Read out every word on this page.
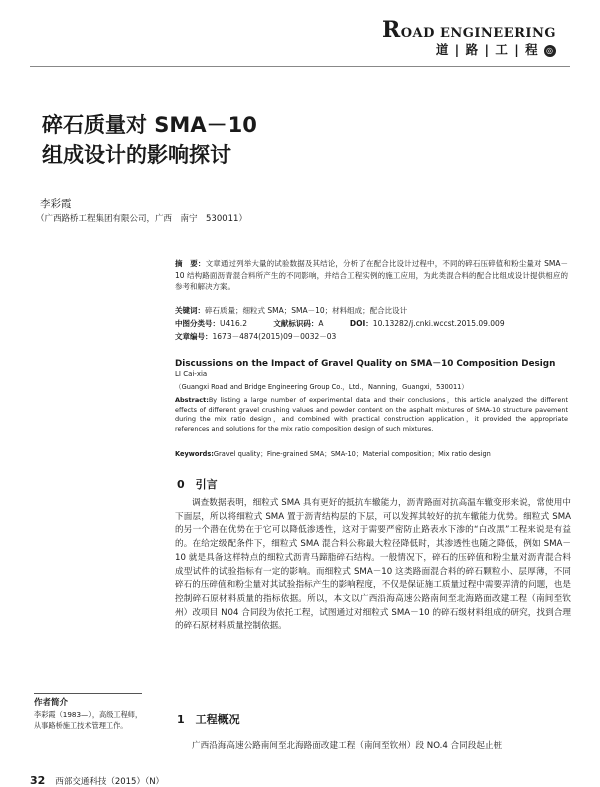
ROAD ENGINEERING
道 | 路 | 工 | 程 ◎
碎石质量对 SMA－10
组成设计的影响探讨
李彩霞
（广西路桥工程集团有限公司，广西　南宁　530011）
摘　要：文章通过列举大量的试验数据及其结论，分析了在配合比设计过程中，不同的碎石压碎值和粉尘量对 SMA－10 结构路面沥青混合料所产生的不同影响，并结合工程实例的施工应用，为此类混合料的配合比组成设计提供相应的参考和解决方案。
关键词：碎石质量；细粒式 SMA；SMA－10；材料组成；配合比设计
中图分类号：U416.2	文献标识码：A	DOI：10.13282/j.cnki.wccst.2015.09.009
文章编号：1673－4874(2015)09－0032－03
Discussions on the Impact of Gravel Quality on SMA－10 Composition Design
LI Cai-xia
（Guangxi Road and Bridge Engineering Group Co.，Ltd.，Nanning，Guangxi，530011）
Abstract:By listing a large number of experimental data and their conclusions，this article analyzed the different effects of different gravel crushing values and powder content on the asphalt mixtures of SMA-10 structure pavement during the mix ratio design，and combined with practical construction application，it provided the appropriate references and solutions for the mix ratio composition design of such mixtures.
Keywords:Gravel quality；Fine-grained SMA；SMA-10；Material composition；Mix ratio design
0　引言
调查数据表明，细粒式 SMA 具有更好的抵抗车辙能力，沥青路面对抗高温车辙变形来说，常使用中下面层，所以将细粒式 SMA 置于沥青结构层的下层，可以发挥其较好的抗车辙能力优势。细粒式 SMA 的另一个潜在优势在于它可以降低渗透性，这对于需要严密防止路表水下渗的“白改黑”工程来说是有益的。在给定级配条件下，细粒式 SMA 混合料公称最大粒径降低时，其渗透性也随之降低，例如 SMA－10 就是具备这样特点的细粒式沥青马蹄脂碎石结构。一般情况下，碎石的压碎值和粉尘量对沥青混合料成型试件的试验指标有一定的影响。而细粒式 SMA－10 这类路面混合料的碎石颗粒小、层厚薄，不同碎石的压碎值和粉尘量对其试验指标产生的影响程度，不仅是保证施工质量过程中需要弄清的问题，也是控制碎石原材料质量的指标依据。所以，本文以广西沿海高速公路南间至北海路面改建工程（南间至钦州）改项目 N04 合同段为依托工程，试图通过对细粒式 SMA－10 的碎石级材料组成的研究，找到合理的碎石原材料质量控制依据。
作者简介
李彩霞（1983—），高级工程师，从事路桥施工技术管理工作。	1　工程概况
广西沿海高速公路南间至北海路面改建工程（南间至钦州）段 NO.4 合同段起止桩
32 西部交通科技（2015）（N）
